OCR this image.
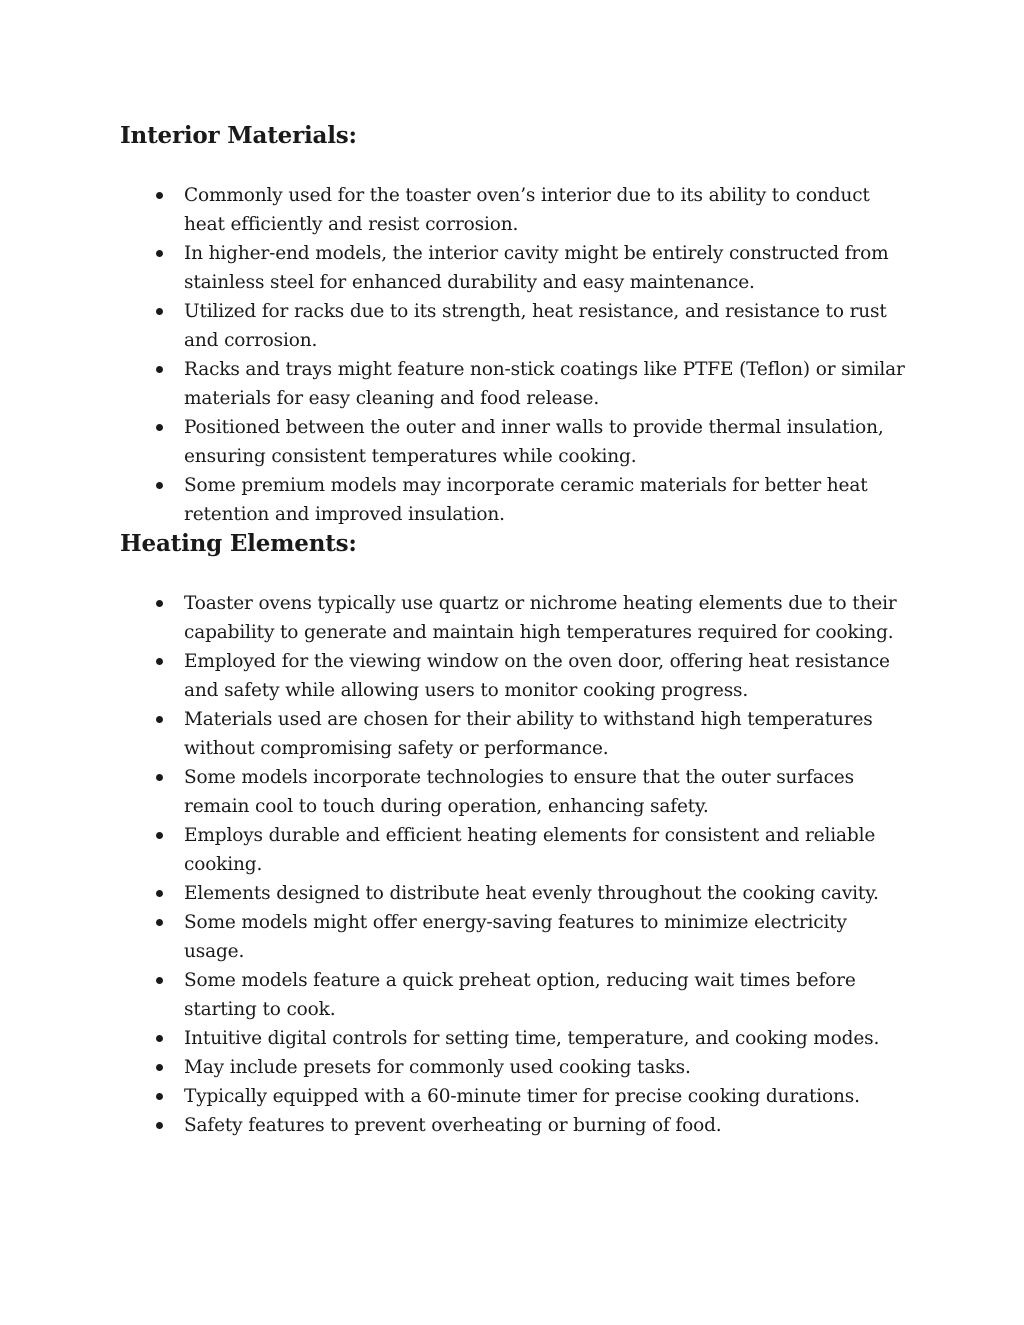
Interior Materials:
Commonly used for the toaster oven’s interior due to its ability to conduct heat efficiently and resist corrosion.
In higher-end models, the interior cavity might be entirely constructed from stainless steel for enhanced durability and easy maintenance.
Utilized for racks due to its strength, heat resistance, and resistance to rust and corrosion.
Racks and trays might feature non-stick coatings like PTFE (Teflon) or similar materials for easy cleaning and food release.
Positioned between the outer and inner walls to provide thermal insulation, ensuring consistent temperatures while cooking.
Some premium models may incorporate ceramic materials for better heat retention and improved insulation.
Heating Elements:
Toaster ovens typically use quartz or nichrome heating elements due to their capability to generate and maintain high temperatures required for cooking.
Employed for the viewing window on the oven door, offering heat resistance and safety while allowing users to monitor cooking progress.
Materials used are chosen for their ability to withstand high temperatures without compromising safety or performance.
Some models incorporate technologies to ensure that the outer surfaces remain cool to touch during operation, enhancing safety.
Employs durable and efficient heating elements for consistent and reliable cooking.
Elements designed to distribute heat evenly throughout the cooking cavity.
Some models might offer energy-saving features to minimize electricity usage.
Some models feature a quick preheat option, reducing wait times before starting to cook.
Intuitive digital controls for setting time, temperature, and cooking modes.
May include presets for commonly used cooking tasks.
Typically equipped with a 60-minute timer for precise cooking durations.
Safety features to prevent overheating or burning of food.
